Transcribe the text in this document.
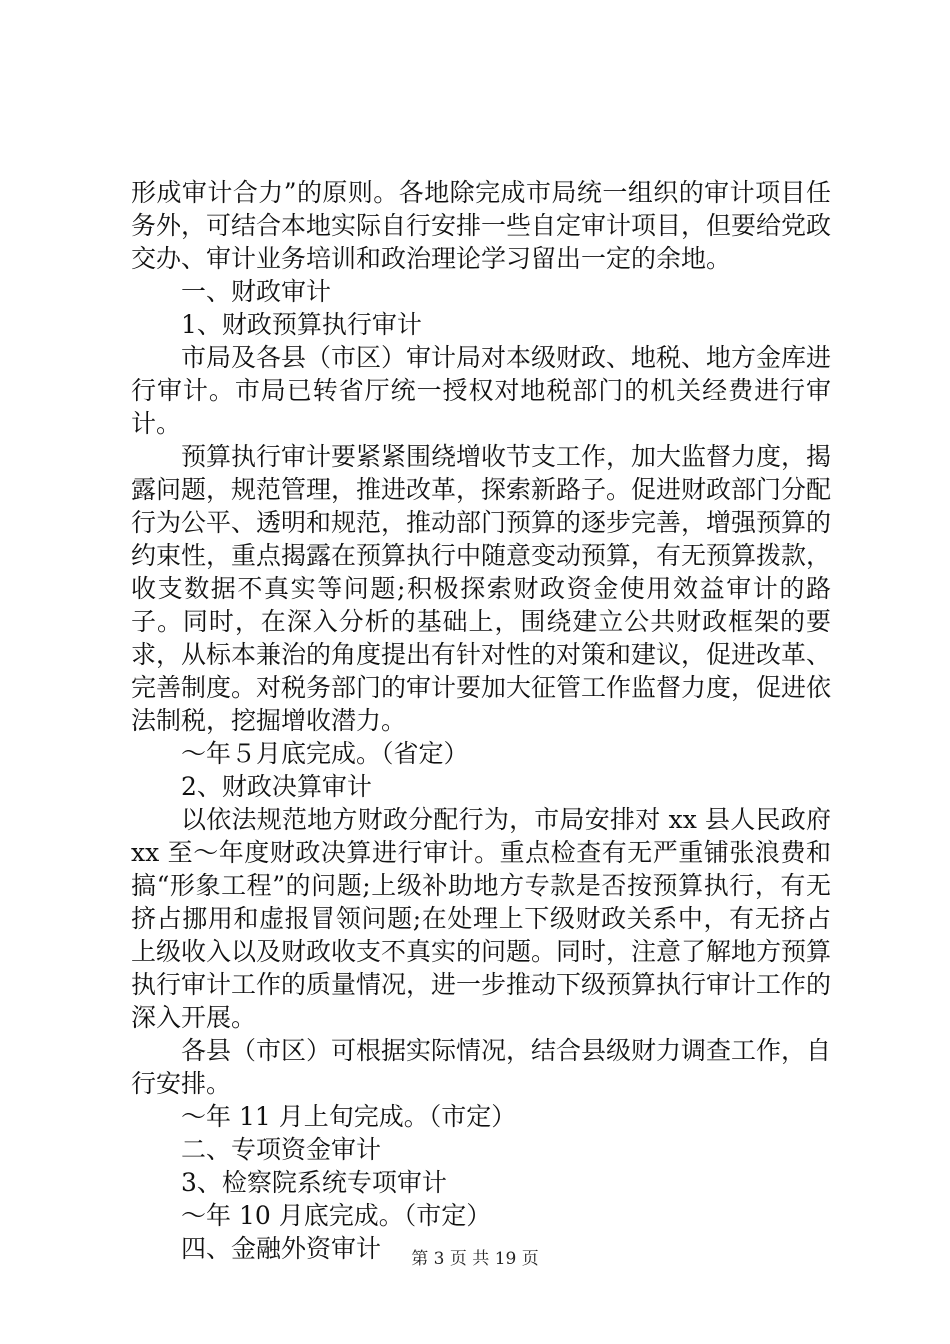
形成审计合力”的原则。各地除完成市局统一组织的审计项目任务外，可结合本地实际自行安排一些自定审计项目，但要给党政交办、审计业务培训和政治理论学习留出一定的余地。

一、财政审计

1、财政预算执行审计

市局及各县（市区）审计局对本级财政、地税、地方金库进行审计。市局已转省厅统一授权对地税部门的机关经费进行审计。

预算执行审计要紧紧围绕增收节支工作，加大监督力度，揭露问题，规范管理，推进改革，探索新路子。促进财政部门分配行为公平、透明和规范，推动部门预算的逐步完善，增强预算的约束性，重点揭露在预算执行中随意变动预算，有无预算拨款，收支数据不真实等问题;积极探索财政资金使用效益审计的路子。同时，在深入分析的基础上，围绕建立公共财政框架的要求，从标本兼治的角度提出有针对性的对策和建议，促进改革、完善制度。对税务部门的审计要加大征管工作监督力度，促进依法制税，挖掘增收潜力。

～年５月底完成。（省定）

2、财政决算审计

以依法规范地方财政分配行为，市局安排对 xx 县人民政府 xx 至～年度财政决算进行审计。重点检查有无严重铺张浪费和搞“形象工程”的问题;上级补助地方专款是否按预算执行，有无挤占挪用和虚报冒领问题;在处理上下级财政关系中，有无挤占上级收入以及财政收支不真实的问题。同时，注意了解地方预算执行审计工作的质量情况，进一步推动下级预算执行审计工作的深入开展。

各县（市区）可根据实际情况，结合县级财力调查工作，自行安排。

～年 11 月上旬完成。（市定）

二、专项资金审计

3、检察院系统专项审计

～年 10 月底完成。（市定）

四、金融外资审计	第 3 页 共 19 页
